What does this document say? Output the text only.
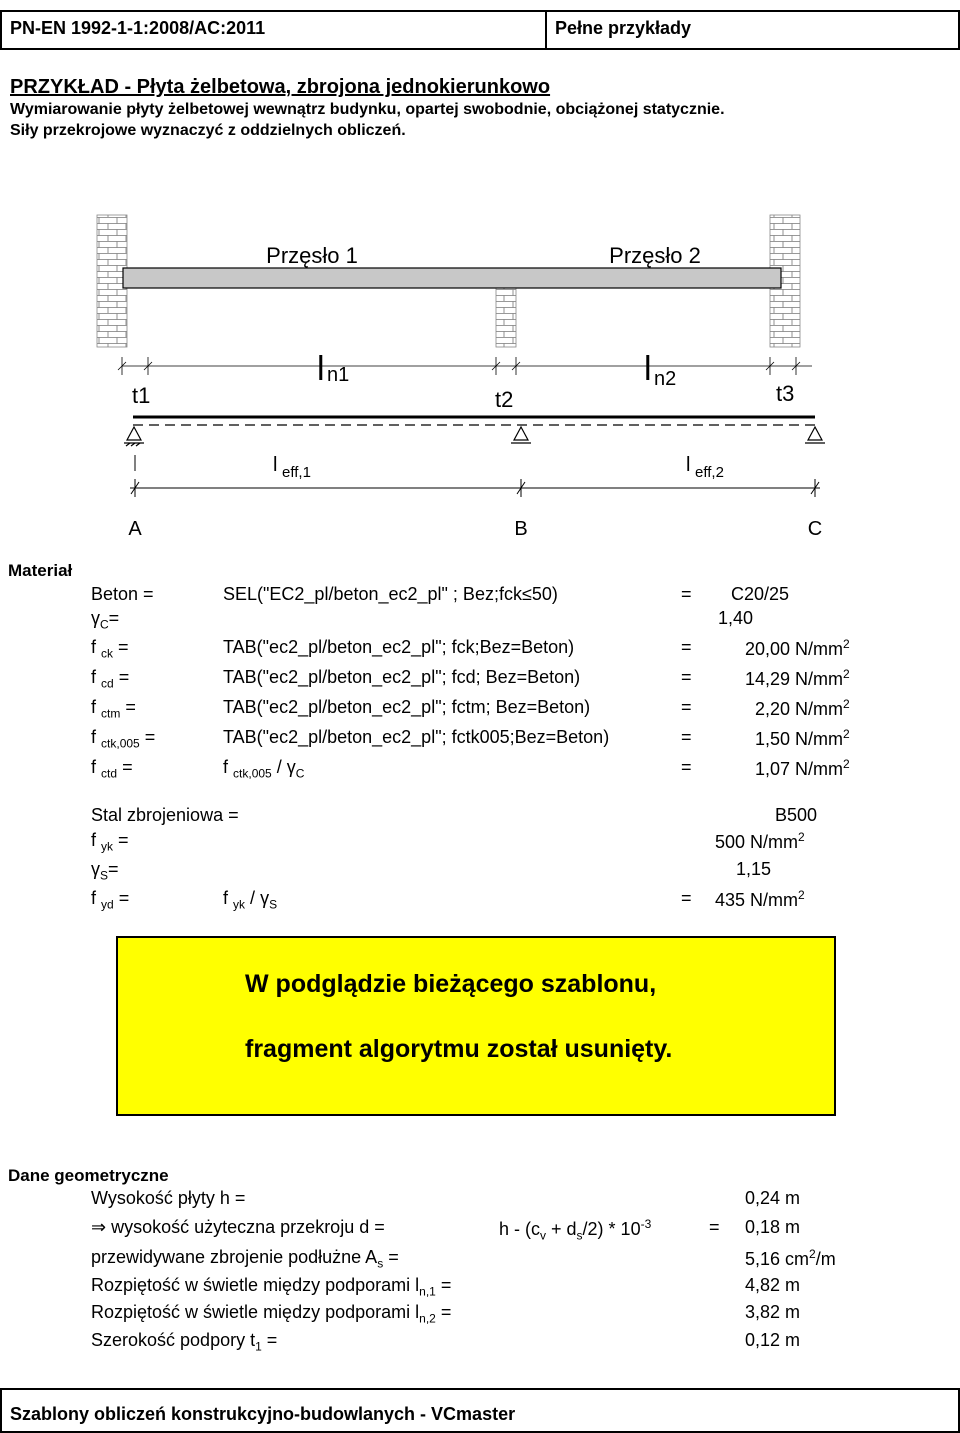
PN-EN 1992-1-1:2008/AC:2011	Pełne przykłady
PRZYKŁAD - Płyta żelbetowa, zbrojona jednokierunkowo
Wymiarowanie płyty żelbetowej wewnątrz budynku, opartej swobodnie, obciążonej statycznie.
Siły przekrojowe wyznaczyć z oddzielnych obliczeń.
Przęsło 1	Przęsło 2
t1	t2	t3
l n1	l n2
l eff,1	l eff,2
A	B	C
Materiał
Beton =	SEL("EC2_pl/beton_ec2_pl" ; Bez;fck≤50)	= C20/25
$\gamma_C=$	1,40
f $_{ck}$ =	TAB("ec2_pl/beton_ec2_pl"; fck;Bez=Beton)	=	20,00 $N/mm^2$
f $_{cd}$ =	TAB("ec2_pl/beton_ec2_pl"; fcd; Bez=Beton)	=	14,29 $N/mm^2$
f $_{ctm}$ =	TAB("ec2_pl/beton_ec2_pl"; fctm; Bez=Beton)	=	2,20 $N/mm^2$
f $_{ctk,005}$ =	TAB("ec2_pl/beton_ec2_pl"; fctk005;Bez=Beton)	=	1,50 $N/mm^2$
f $_{ctd}$ =	f $_{ctk,005} / \gamma_C$	=	1,07 $N/mm^2$
Stal zbrojeniowa =	B500
f $_{yk}$ =	500 $N/mm^2$
$\gamma_S=$	1,15
f $_{yd}$ =	f $_{yk} / \gamma_S$	= 435 $N/mm^2$
W podglądzie bieżącego szablonu,
fragment algorytmu został usunięty.
Dane geometryczne
Wysokość płyty h =	0,24 m
⇒ wysokość użyteczna przekroju d =	$h - (c_v + d_s/2) * 10^{-3}$	= 0,18 m
przewidywane zbrojenie podłużne $A_s$ =	5,16 $cm^2/m$
Rozpiętość w świetle między podporami $l_{n,1}$ =	4,82 m
Rozpiętość w świetle między podporami $l_{n,2}$ =	3,82 m
Szerokość podpory $t_1$ =	0,12 m
Szablony obliczeń konstrukcyjno-budowlanych - VCmaster
